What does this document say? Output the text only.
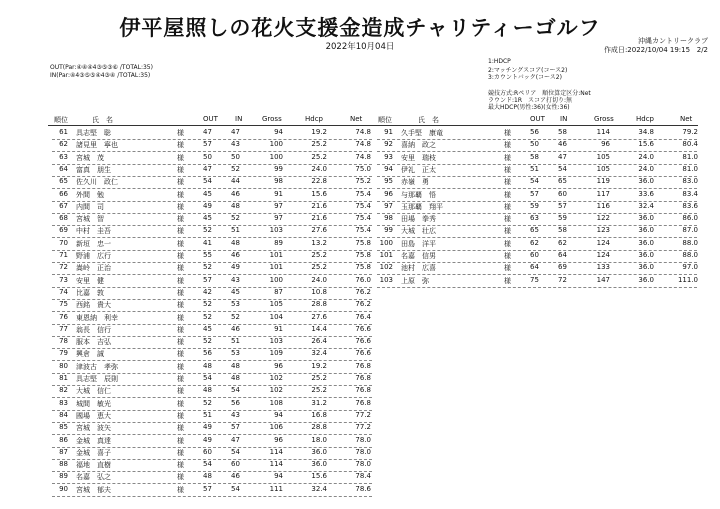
伊平屋照しの花火支援金造成チャリティーゴルフ
2022年10月04日
沖縄カントリークラブ
作成日:2022/10/04 19:15 2/2
OUT(Par:④④④4③⑤③⑥ /TOTAL:35)
IN(Par:④4③⑤⑤④4③④ /TOTAL:35)
1:HDCP
2:マッチングスコア(コース2)
3:カウントバック(コース2)
競技方式:Rペリア　順位算定区分:Net
ラウンド:1R　スコア打切り:無
最大HDCP(男性:36)(女性:36)
順位	氏　名	OUT IN	Gross	Hdcp	Net 順位	氏　名	OUT IN	Gross	Hdcp	Net
61 具志堅　聡	様	47	47	94	19.2	74.8
62 諸見里　寧也	様	57	43	100	25.2	74.8
63 宮城　茂	様	50	50	100	25.2	74.8
64 富真　朋生	様	47	52	99	24.0	75.0
65 佐久川　政仁	様	54	44	98	22.8	75.2
66 外間　勉	様	45	46	91	15.6	75.4
67 内間　司	様	49	48	97	21.6	75.4
68 宮城　智	様	45	52	97	21.6	75.4
69 中村　圭吾	様	52	51	103	27.6	75.4
70 新垣　忠一	様	41	48	89	13.2	75.8
71 野浦　広行	様	55	46	101	25.2	75.8
72 嵩岭　正治	様	52	49	101	25.2	75.8
73 安里　健	様	57	43	100	24.0	76.0
74 比嘉　敦	様	42	45	87	10.8	76.2
75 西銘　貴大	様	52	53	105	28.8	76.2
76 東恩納　利幸	様	52	52	104	27.6	76.4
77 翁長　信行	様	45	46	91	14.4	76.6
78 服本　吉弘	様	52	51	103	26.4	76.6
79 興倉　誠	様	56	53	109	32.4	76.6
80 津波古　孝弥	様	48	48	96	19.2	76.8
81 具志堅　辰則	様	54	48	102	25.2	76.8
82 大城　信仁	様	48	54	102	25.2	76.8
83 城間　敏光	様	52	56	108	31.2	76.8
84 國場　恵大	様	51	43	94	16.8	77.2
85 宮城　波矢	様	49	57	106	28.8	77.2
86 金城　真達	様	49	47	96	18.0	78.0
87 金城　喜子	様	60	54	114	36.0	78.0
88 福地　直樹	様	54	60	114	36.0	78.0
89 名嘉　弘之	様	48	46	94	15.6	78.4
90 宮城　郁夫	様	57	54	111	32.4	78.6
91 久手堅　康竜	様	56	58	114	34.8	79.2
92 喜納　政之	様	50	46	96	15.6	80.4
93 安里　瑞枝	様	58	47	105	24.0	81.0
94 伊礼　正太	様	51	54	105	24.0	81.0
95 赤嶺　勇	様	54	65	119	36.0	83.0
96 与那覇　悟	様	57	60	117	33.6	83.4
97 玉那覇　翔平	様	59	57	116	32.4	83.6
98 田場　拳秀	様	63	59	122	36.0	86.0
99 大城　壮広	様	65	58	123	36.0	87.0
100 田島　洋平	様	62	62	124	36.0	88.0
101 名嘉　信男	様	60	64	124	36.0	88.0
102 池村　広喜	様	64	69	133	36.0	97.0
103 上原　弥	様	75	72	147	36.0	111.0
